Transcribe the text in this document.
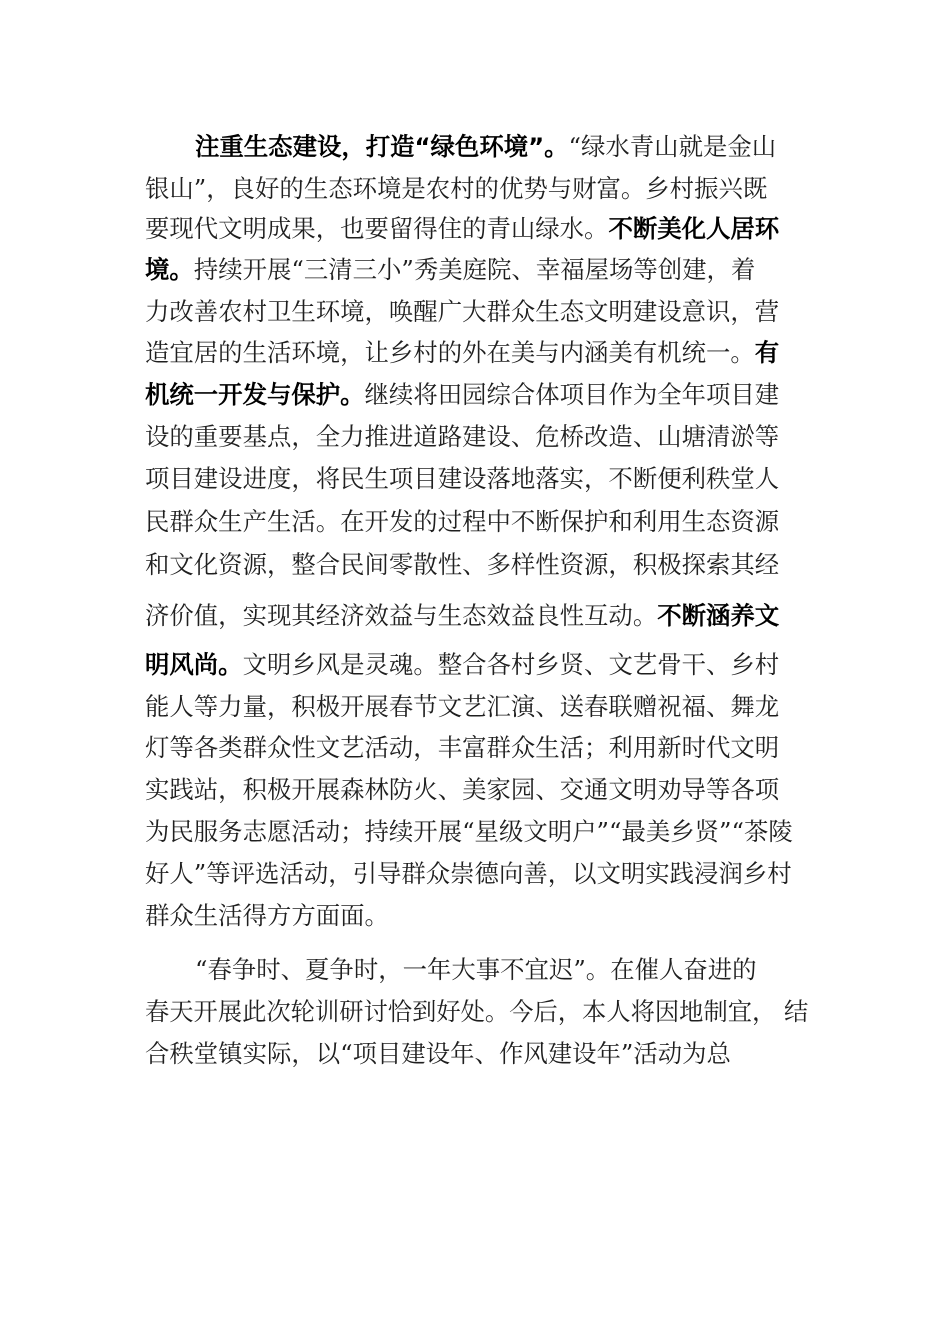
注重生态建设，打造“绿色环境”。“绿水青山就是金山
银山”，良好的生态环境是农村的优势与财富。乡村振兴既
要现代文明成果，也要留得住的青山绿水。不断美化人居环
境。持续开展“三清三小”秀美庭院、幸福屋场等创建，着
力改善农村卫生环境，唤醒广大群众生态文明建设意识，营
造宜居的生活环境，让乡村的外在美与内涵美有机统一。有
机统一开发与保护。继续将田园综合体项目作为全年项目建
设的重要基点，全力推进道路建设、危桥改造、山塘清淤等
项目建设进度，将民生项目建设落地落实，不断便利秩堂人
民群众生产生活。在开发的过程中不断保护和利用生态资源
和文化资源，整合民间零散性、多样性资源，积极探索其经
济价值，实现其经济效益与生态效益良性互动。不断涵养文
明风尚。文明乡风是灵魂。整合各村乡贤、文艺骨干、乡村
能人等力量，积极开展春节文艺汇演、送春联赠祝福、舞龙
灯等各类群众性文艺活动，丰富群众生活；利用新时代文明
实践站，积极开展森林防火、美家园、交通文明劝导等各项
为民服务志愿活动；持续开展“星级文明户”“最美乡贤”“茶陵
好人”等评选活动，引导群众崇德向善，以文明实践浸润乡村
群众生活得方方面面。
“春争时、夏争时，一年大事不宜迟”。在催人奋进的
春天开展此次轮训研讨恰到好处。今后，本人将因地制宜， 结
合秩堂镇实际，以“项目建设年、作风建设年”活动为总
